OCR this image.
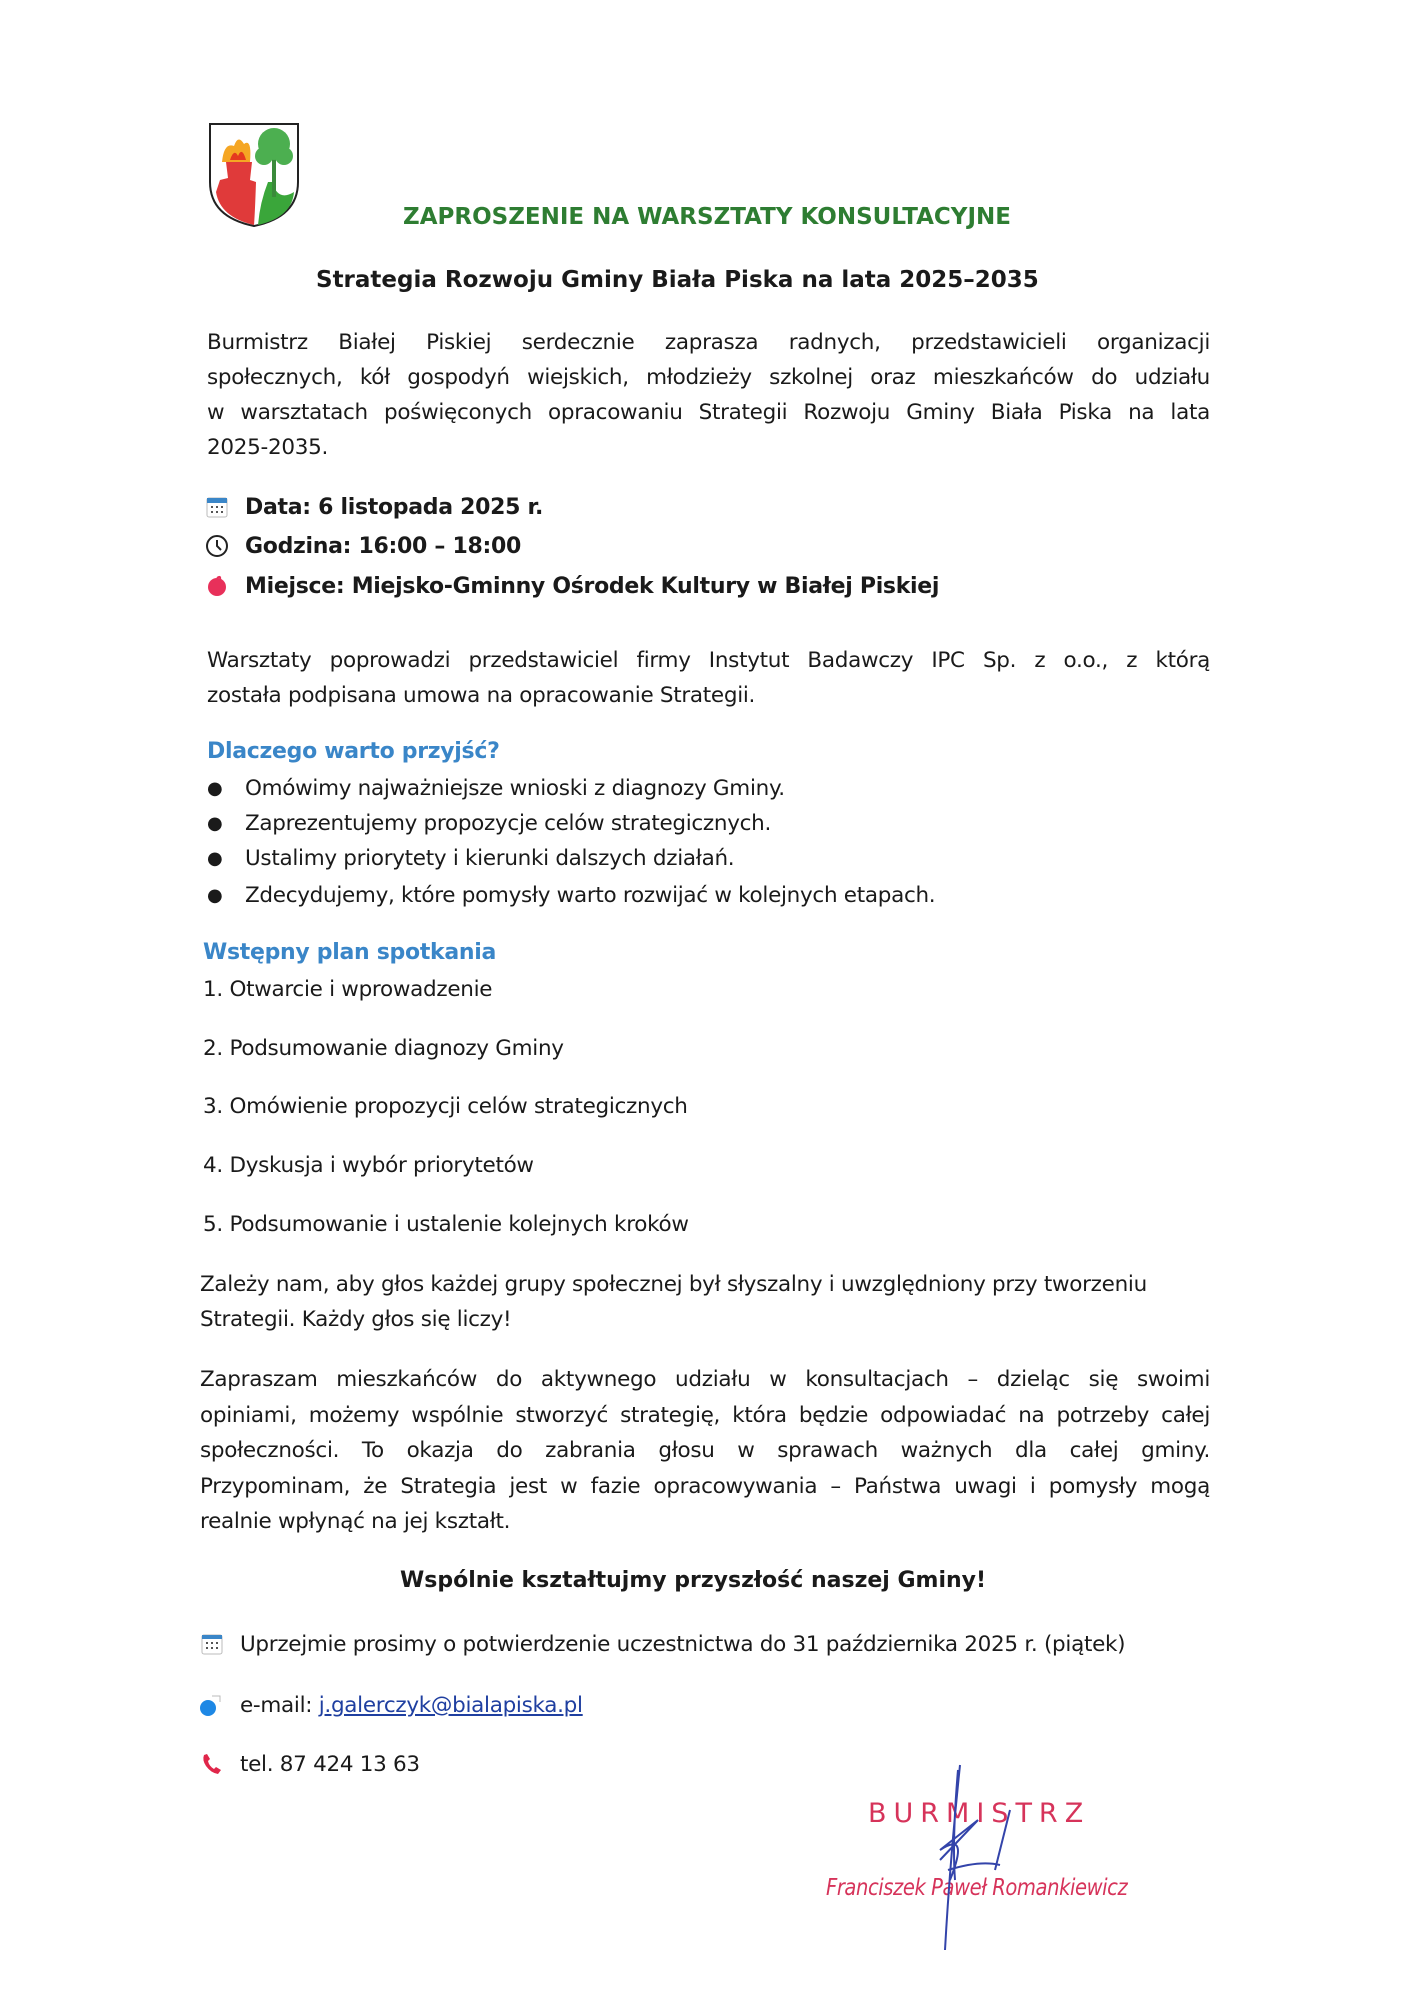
ZAPROSZENIE NA WARSZTATY KONSULTACYJNE
Strategia Rozwoju Gminy Biała Piska na lata 2025–2035
Burmistrz Białej Piskiej serdecznie zaprasza radnych, przedstawicieli organizacji
społecznych, kół gospodyń wiejskich, młodzieży szkolnej oraz mieszkańców do udziału
w warsztatach poświęconych opracowaniu Strategii Rozwoju Gminy Biała Piska na lata
2025-2035.
Data: 6 listopada 2025 r.
Godzina: 16:00 – 18:00
Miejsce: Miejsko-Gminny Ośrodek Kultury w Białej Piskiej
Warsztaty poprowadzi przedstawiciel firmy Instytut Badawczy IPC Sp. z o.o., z którą
została podpisana umowa na opracowanie Strategii.
Dlaczego warto przyjść?
● Omówimy najważniejsze wnioski z diagnozy Gminy.
● Zaprezentujemy propozycje celów strategicznych.
● Ustalimy priorytety i kierunki dalszych działań.
● Zdecydujemy, które pomysły warto rozwijać w kolejnych etapach.
Wstępny plan spotkania
1. Otwarcie i wprowadzenie
2. Podsumowanie diagnozy Gminy
3. Omówienie propozycji celów strategicznych
4. Dyskusja i wybór priorytetów
5. Podsumowanie i ustalenie kolejnych kroków
Zależy nam, aby głos każdej grupy społecznej był słyszalny i uwzględniony przy tworzeniu
Strategii. Każdy głos się liczy!
Zapraszam mieszkańców do aktywnego udziału w konsultacjach – dzieląc się swoimi
opiniami, możemy wspólnie stworzyć strategię, która będzie odpowiadać na potrzeby całej
społeczności. To okazja do zabrania głosu w sprawach ważnych dla całej gminy.
Przypominam, że Strategia jest w fazie opracowywania – Państwa uwagi i pomysły mogą
realnie wpłynąć na jej kształt.
Wspólnie kształtujmy przyszłość naszej Gminy!
Uprzejmie prosimy o potwierdzenie uczestnictwa do 31 października 2025 r. (piątek)
e-mail: j.galerczyk@bialapiska.pl
tel. 87 424 13 63
BURMISTRZ
Franciszek Paweł Romankiewicz
